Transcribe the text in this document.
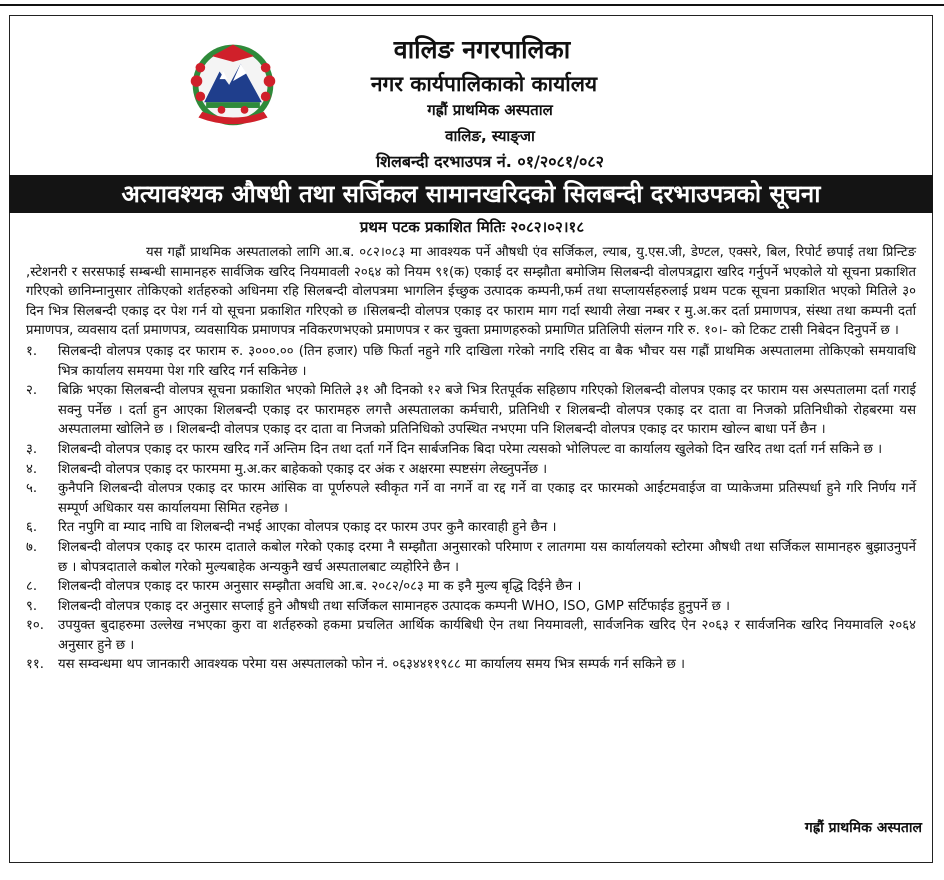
वालिङ नगरपालिका
नगर कार्यपालिकाको कार्यालय
गह्रौं प्राथमिक अस्पताल
वालिङ, स्याङ्जा
शिलबन्दी दरभाउपत्र नं. ०१/२०८१/०८२
अत्यावश्यक औषधी तथा सर्जिकल सामानखरिदको सिलबन्दी दरभाउपत्रको सूचना
प्रथम पटक प्रकाशित मितिः २०८२।०२।१८

यस गह्रौं प्राथमिक अस्पतालको लागि आ.ब. ०८२।०८३ मा आवश्यक पर्ने औषधी एंव सर्जिकल, ल्याब, यु.एस.जी, डेण्टल, एक्सरे, बिल, रिपोर्ट छपाई तथा प्रिन्टिङ ,स्टेशनरी र सरसफाई सम्बन्धी सामानहरु सार्वजिक खरिद नियमावली २०६४ को नियम ९१(क) एकाई दर सम्झौता बमोजिम सिलबन्दी वोलपत्रद्वारा खरिद गर्नुपर्ने भएकोले यो सूचना प्रकाशित गरिएको छानिम्नानुसार तोकिएको शर्तहरुको अधिनमा रहि सिलबन्दी वोलपत्रमा भागलिन ईच्छुक उत्पादक कम्पनी,फर्म तथा सप्लायर्सहरुलाई प्रथम पटक सूचना प्रकाशित भएको मितिले ३० दिन भित्र सिलबन्दी एकाइ दर पेश गर्न यो सूचना प्रकाशित गरिएको छ ।सिलबन्दी वोलपत्र एकाइ दर फाराम माग गर्दा स्थायी लेखा नम्बर र मु.अ.कर दर्ता प्रमाणपत्र, संस्था तथा कम्पनी दर्ता प्रमाणपत्र, व्यवसाय दर्ता प्रमाणपत्र, व्यवसायिक प्रमाणपत्र नविकरणभएको प्रमाणपत्र र कर चुक्ता प्रमाणहरुको प्रमाणित प्रतिलिपी संलग्न गरि रु. १०।- को टिकट टासी निबेदन दिनुपर्ने छ ।

१.	सिलबन्दी वोलपत्र एकाइ दर फाराम रु. ३०००.०० (तिन हजार) पछि फिर्ता नहुने गरि दाखिला गरेको नगदि रसिद वा बैक भौचर यस गह्रौं प्राथमिक अस्पतालमा तोकिएको समयावधि भित्र कार्यालय समयमा पेश गरि खरिद गर्न सकिनेछ ।
२.	बिक्रि भएका सिलबन्दी वोलपत्र सूचना प्रकाशित भएको मितिले ३१ औ दिनको १२ बजे भित्र रितपूर्वक सहिछाप गरिएको शिलबन्दी वोलपत्र एकाइ दर फाराम यस अस्पतालमा दर्ता गराई सक्नु पर्नेछ । दर्ता हुन आएका शिलबन्दी एकाइ दर फारामहरु लगत्तै अस्पतालका कर्मचारी, प्रतिनिधी र शिलबन्दी वोलपत्र एकाइ दर दाता वा निजको प्रतिनिधीको रोहबरमा यस अस्पतालमा खोलिने छ । शिलबन्दी वोलपत्र एकाइ दर दाता वा निजको प्रतिनिधिको उपस्थित नभएमा पनि शिलबन्दी वोलपत्र एकाइ दर फाराम खोल्न बाधा पर्ने छैन ।
३.	शिलबन्दी वोलपत्र एकाइ दर फारम खरिद गर्ने अन्तिम दिन तथा दर्ता गर्ने दिन सार्बजनिक बिदा परेमा त्यसको भोलिपल्ट वा कार्यालय खुलेको दिन खरिद तथा दर्ता गर्न सकिने छ ।
४.	शिलबन्दी वोलपत्र एकाइ दर फारममा मु.अ.कर बाहेकको एकाइ दर अंक र अक्षरमा स्पष्टसंग लेख्नुपर्नेछ ।
५.	कुनैपनि शिलबन्दी वोलपत्र एकाइ दर फारम आंसिक वा पूर्णरुपले स्वीकृत गर्ने वा नगर्ने वा रद्द गर्ने वा एकाइ दर फारमको आईटमवाईज वा प्याकेजमा प्रतिस्पर्धा हुने गरि निर्णय गर्ने सम्पूर्ण अधिकार यस कार्यालयमा सिमित रहनेछ ।
६.	रित नपुगि वा म्याद नाघि वा शिलबन्दी नभई आएका वोलपत्र एकाइ दर फारम उपर कुनै कारवाही हुने छैन ।
७.	शिलबन्दी वोलपत्र एकाइ दर फारम दाताले कबोल गरेको एकाइ दरमा नै सम्झौता अनुसारको परिमाण र लातगमा यस कार्यालयको स्टोरमा औषधी तथा सर्जिकल सामानहरु बुझाउनुपर्ने छ । बोपत्रदाताले कबोल गरेको मुल्यबाहेक अन्यकुनै खर्च अस्पतालबाट व्यहोरिने छैन ।
८.	शिलबन्दी वोलपत्र एकाइ दर फारम अनुसार सम्झौता अवधि आ.ब. २०८२/०८३ मा क इनै मुल्य बृद्धि दिईने छैन ।
९.	शिलबन्दी वोलपत्र एकाइ दर अनुसार सप्लाई हुने औषधी तथा सर्जिकल सामानहरु उत्पादक कम्पनी WHO, ISO, GMP सर्टिफाईड हुनुपर्ने छ ।
१०.	उपयुक्त बुदाहरुमा उल्लेख नभएका कुरा वा शर्तहरुको हकमा प्रचलित आर्थिक कार्यबिधी ऐन तथा नियमावली, सार्वजनिक खरिद ऐन २०६३ र सार्वजनिक खरिद नियमावलि २०६४ अनुसार हुने छ ।
११.	यस सम्वन्धमा थप जानकारी आवश्यक परेमा यस अस्पतालको फोन नं. ०६३४४११९८८ मा कार्यालय समय भित्र सम्पर्क गर्न सकिने छ ।
गह्रौं प्राथमिक अस्पताल
